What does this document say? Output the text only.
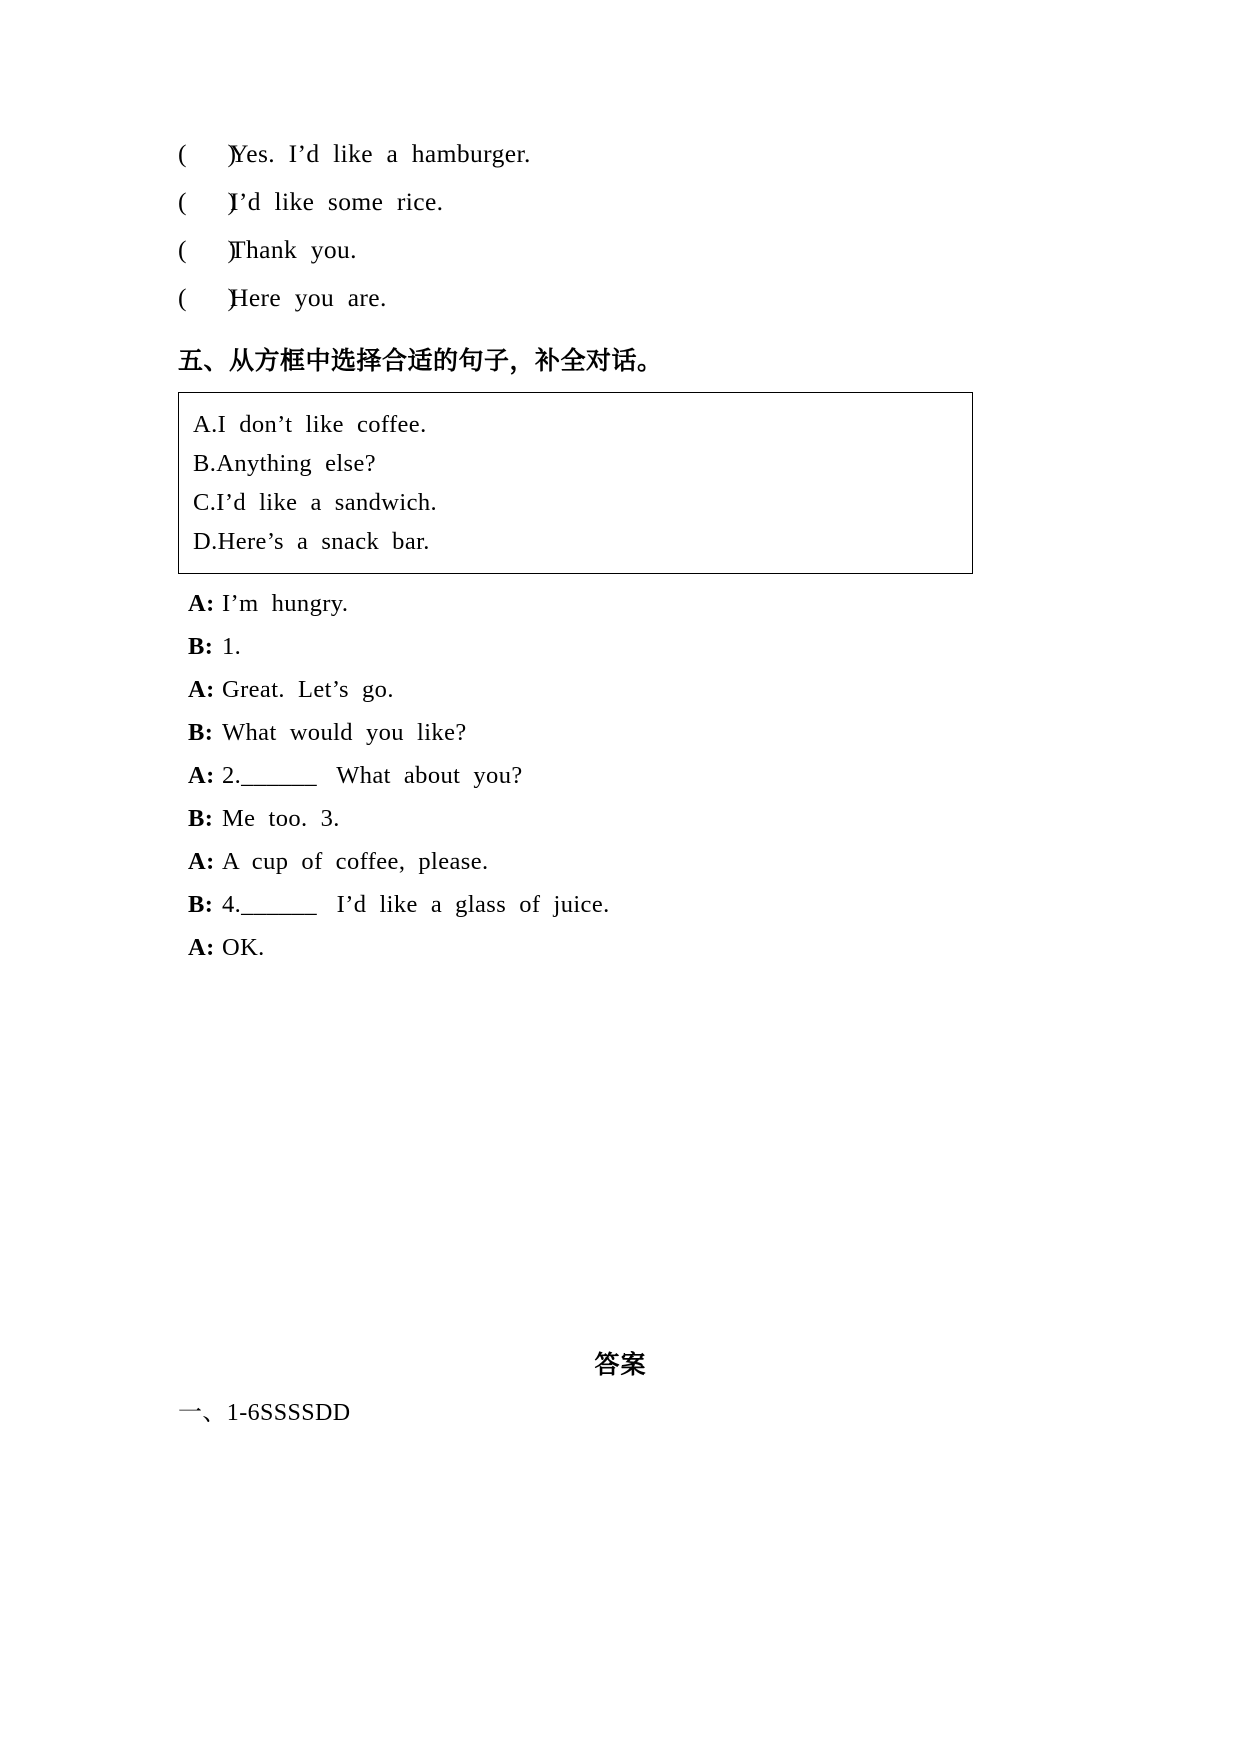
(      )Yes.  I’d  like  a  hamburger.
(      )I’d  like  some  rice.
(      )Thank  you.
(      )Here  you  are.
五、从方框中选择合适的句子，补全对话。
A.I  don’t  like  coffee.
B.Anything  else?
C.I’d  like  a  sandwich.
D.Here’s  a  snack  bar.
A: I’m  hungry.
B: 1.
A: Great.  Let’s  go.
B: What  would  you  like?
A: 2.______   What  about  you?
B: Me  too.  3.
A: A  cup  of  coffee,  please.
B: 4.______   I’d  like  a  glass  of  juice.
A: OK.
答案
一、1-6SSSSDD
